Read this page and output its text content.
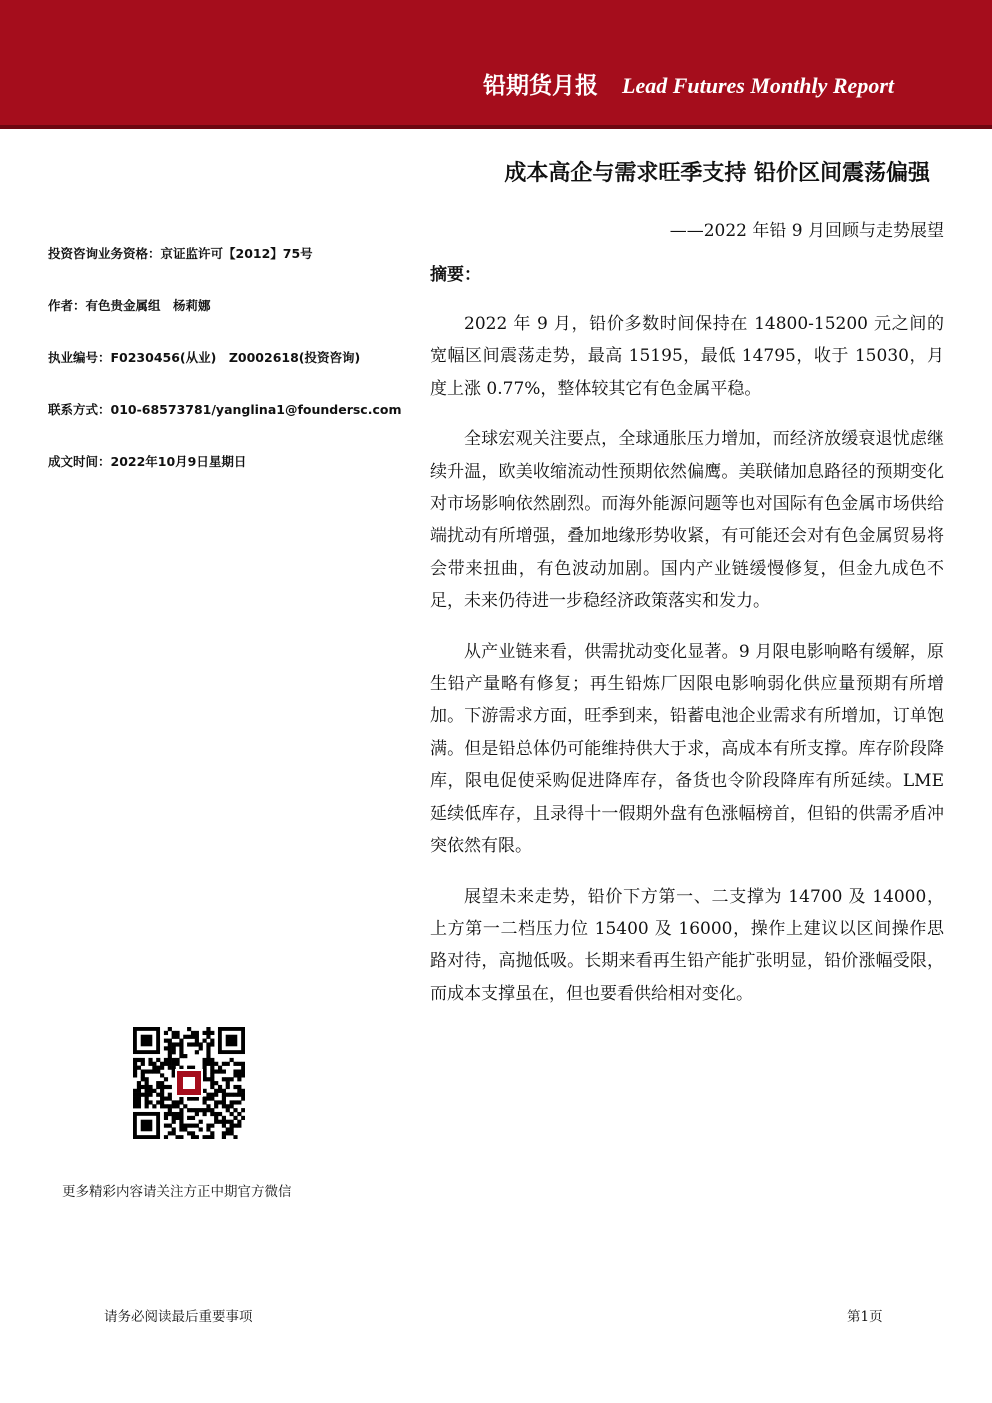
铅期货月报 Lead Futures Monthly Report
成本高企与需求旺季支持 铅价区间震荡偏强
——2022 年铅 9 月回顾与走势展望
投资咨询业务资格：京证监许可【2012】75号
作者：有色贵金属组　杨莉娜
执业编号：F0230456(从业)　Z0002618(投资咨询)
联系方式：010-68573781/yanglina1@foundersc.com
成文时间：2022年10月9日星期日
摘要：

2022 年 9 月，铅价多数时间保持在 14800-15200 元之间的宽幅区间震荡走势，最高 15195，最低 14795，收于 15030，月度上涨 0.77%，整体较其它有色金属平稳。

全球宏观关注要点，全球通胀压力增加，而经济放缓衰退忧虑继续升温，欧美收缩流动性预期依然偏鹰。美联储加息路径的预期变化对市场影响依然剧烈。而海外能源问题等也对国际有色金属市场供给端扰动有所增强，叠加地缘形势收紧，有可能还会对有色金属贸易将会带来扭曲，有色波动加剧。国内产业链缓慢修复，但金九成色不足，未来仍待进一步稳经济政策落实和发力。

从产业链来看，供需扰动变化显著。9 月限电影响略有缓解，原生铅产量略有修复；再生铅炼厂因限电影响弱化供应量预期有所增加。下游需求方面，旺季到来，铅蓄电池企业需求有所增加，订单饱满。但是铅总体仍可能维持供大于求，高成本有所支撑。库存阶段降库，限电促使采购促进降库存，备货也令阶段降库有所延续。LME 延续低库存，且录得十一假期外盘有色涨幅榜首，但铅的供需矛盾冲突依然有限。

展望未来走势，铅价下方第一、二支撑为 14700 及 14000，上方第一二档压力位 15400 及 16000，操作上建议以区间操作思路对待，高抛低吸。长期来看再生铅产能扩张明显，铅价涨幅受限，而成本支撑虽在，但也要看供给相对变化。

更多精彩内容请关注方正中期官方微信
请务必阅读最后重要事项	第1页
